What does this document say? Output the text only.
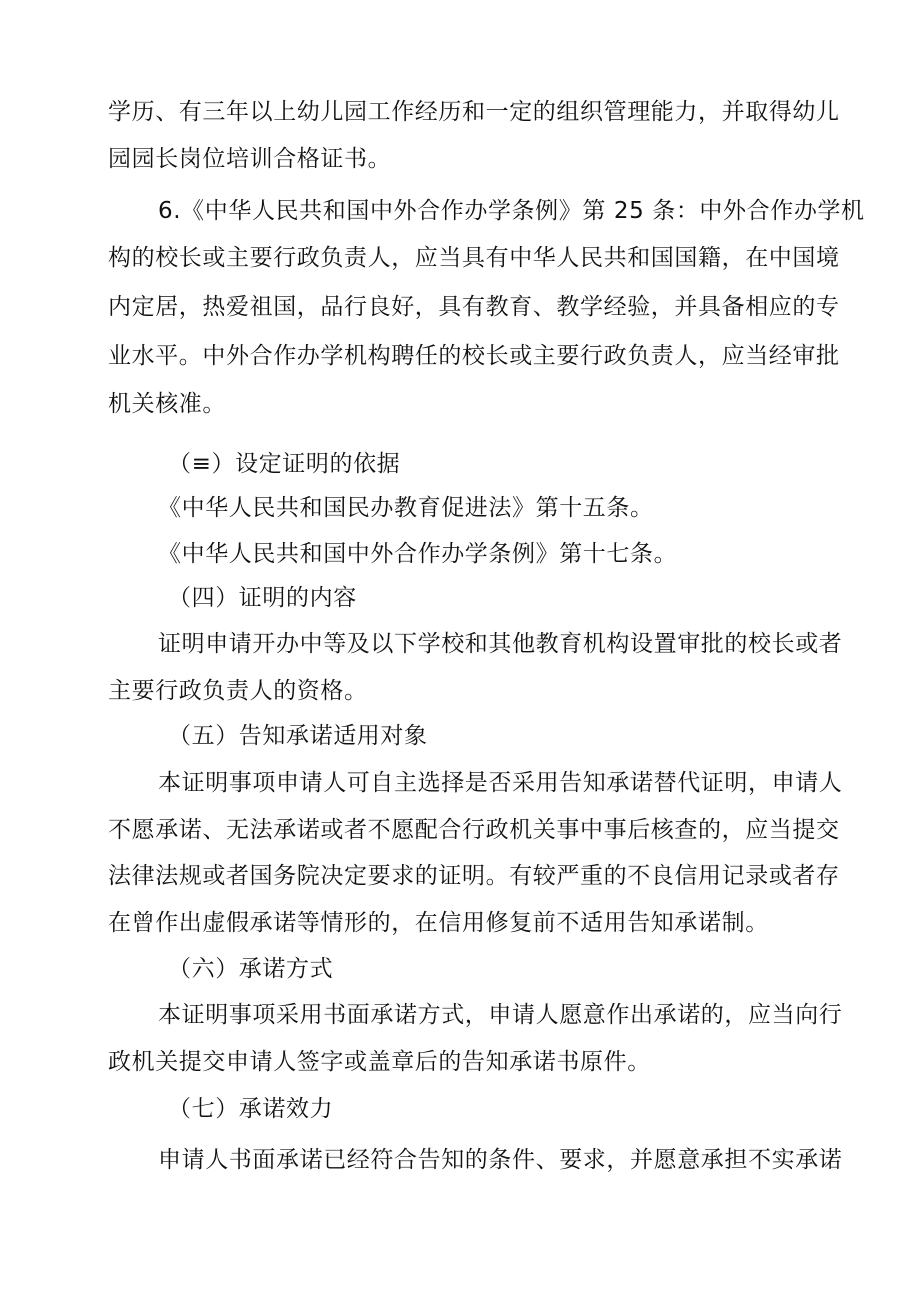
学历、有三年以上幼儿园工作经历和一定的组织管理能力，并取得幼儿
园园长岗位培训合格证书。
6.《中华人民共和国中外合作办学条例》第 25 条：中外合作办学机
构的校长或主要行政负责人，应当具有中华人民共和国国籍，在中国境
内定居，热爱祖国，品行良好，具有教育、教学经验，并具备相应的专
业水平。中外合作办学机构聘任的校长或主要行政负责人，应当经审批
机关核准。
（≡）设定证明的依据
《中华人民共和国民办教育促进法》第十五条。
《中华人民共和国中外合作办学条例》第十七条。
（四）证明的内容
证明申请开办中等及以下学校和其他教育机构设置审批的校长或者
主要行政负责人的资格。
（五）告知承诺适用对象
本证明事项申请人可自主选择是否采用告知承诺替代证明，申请人
不愿承诺、无法承诺或者不愿配合行政机关事中事后核查的，应当提交
法律法规或者国务院决定要求的证明。有较严重的不良信用记录或者存
在曾作出虚假承诺等情形的，在信用修复前不适用告知承诺制。
（六）承诺方式
本证明事项采用书面承诺方式，申请人愿意作出承诺的，应当向行
政机关提交申请人签字或盖章后的告知承诺书原件。
（七）承诺效力
申请人书面承诺已经符合告知的条件、要求，并愿意承担不实承诺
